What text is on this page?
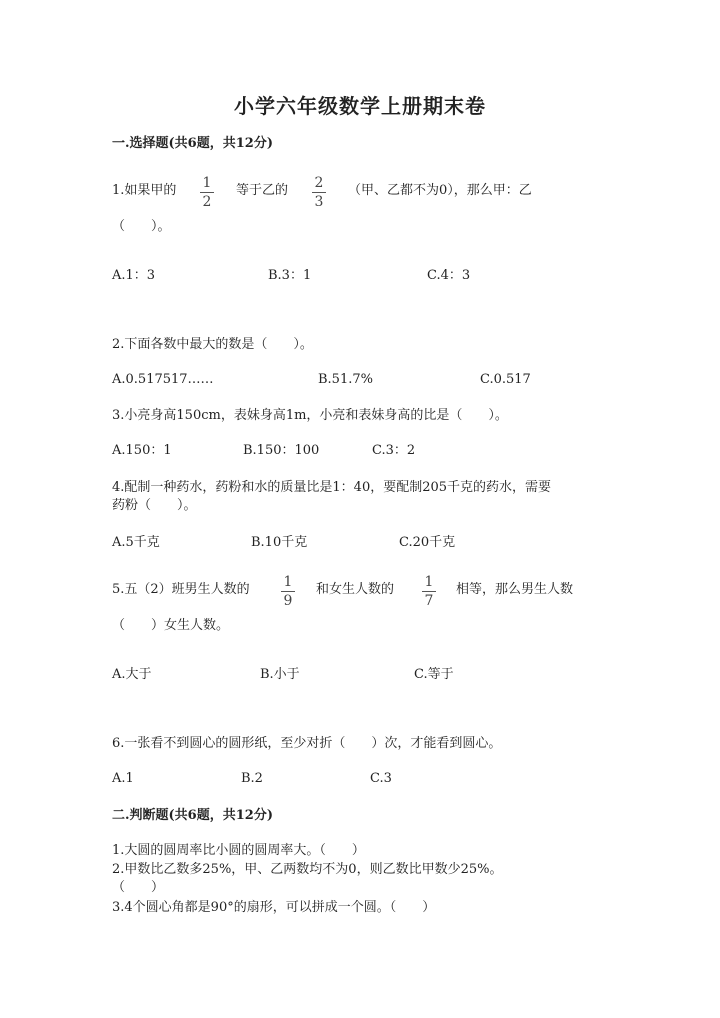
小学六年级数学上册期末卷
一.选择题(共6题，共12分)
1.如果甲的 1
2
等于乙的 2
3
（甲、乙都不为0），那么甲：乙
（　　）。
A.1：3	B.3：1	C.4：3
2.下面各数中最大的数是（　　）。
A.0.517517……	B.51.7%	C.0.517
3.小亮身高150cm，表妹身高1m，小亮和表妹身高的比是（　　）。
A.150：1	B.150：100	C.3：2
4.配制一种药水，药粉和水的质量比是1：40，要配制205千克的药水，需要
药粉（　　）。
A.5千克	B.10千克	C.20千克
5.五（2）班男生人数的 1
9
和女生人数的 1
7
相等，那么男生人数
（　　）女生人数。
A.大于	B.小于	C.等于
6.一张看不到圆心的圆形纸，至少对折（　　）次，才能看到圆心。
A.1	B.2	C.3
二.判断题(共6题，共12分)
1.大圆的圆周率比小圆的圆周率大。（　　）
2.甲数比乙数多25%，甲、乙两数均不为0，则乙数比甲数少25%。
（　　）
3.4个圆心角都是90°的扇形，可以拼成一个圆。（　　）
